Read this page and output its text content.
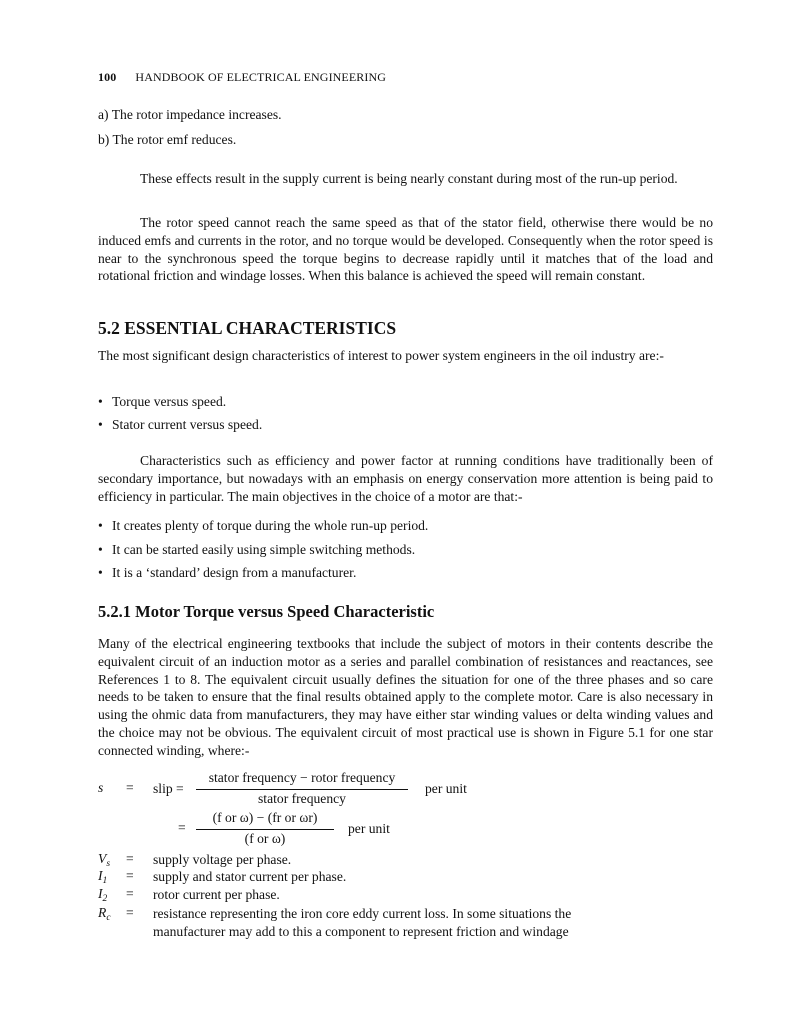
100 HANDBOOK OF ELECTRICAL ENGINEERING
a) The rotor impedance increases.
b) The rotor emf reduces.
These effects result in the supply current is being nearly constant during most of the run-up period.
The rotor speed cannot reach the same speed as that of the stator field, otherwise there would be no induced emfs and currents in the rotor, and no torque would be developed. Consequently when the rotor speed is near to the synchronous speed the torque begins to decrease rapidly until it matches that of the load and rotational friction and windage losses. When this balance is achieved the speed will remain constant.
5.2 ESSENTIAL CHARACTERISTICS
The most significant design characteristics of interest to power system engineers in the oil industry are:-
• Torque versus speed.
• Stator current versus speed.
Characteristics such as efficiency and power factor at running conditions have traditionally been of secondary importance, but nowadays with an emphasis on energy conservation more attention is being paid to efficiency in particular. The main objectives in the choice of a motor are that:-
• It creates plenty of torque during the whole run-up period.
• It can be started easily using simple switching methods.
• It is a ‘standard’ design from a manufacturer.
5.2.1 Motor Torque versus Speed Characteristic
Many of the electrical engineering textbooks that include the subject of motors in their contents describe the equivalent circuit of an induction motor as a series and parallel combination of resistances and reactances, see References 1 to 8. The equivalent circuit usually defines the situation for one of the three phases and so care needs to be taken to ensure that the final results obtained apply to the complete motor. Care is also necessary in using the ohmic data from manufacturers, they may have either star winding values or delta winding values and the choice may not be obvious. The equivalent circuit of most practical use is shown in Figure 5.1 for one star connected winding, where:-
s = slip =
stator frequency − rotor frequency
stator frequency
per unit
=
(f or ω) − (fr or ωr)
(f or ω)
per unit
$V_s$ = supply voltage per phase.
$I_1$ = supply and stator current per phase.
$I_2$ = rotor current per phase.
$R_c$ = resistance representing the iron core eddy current loss. In some situations the manufacturer may add to this a component to represent friction and windage
